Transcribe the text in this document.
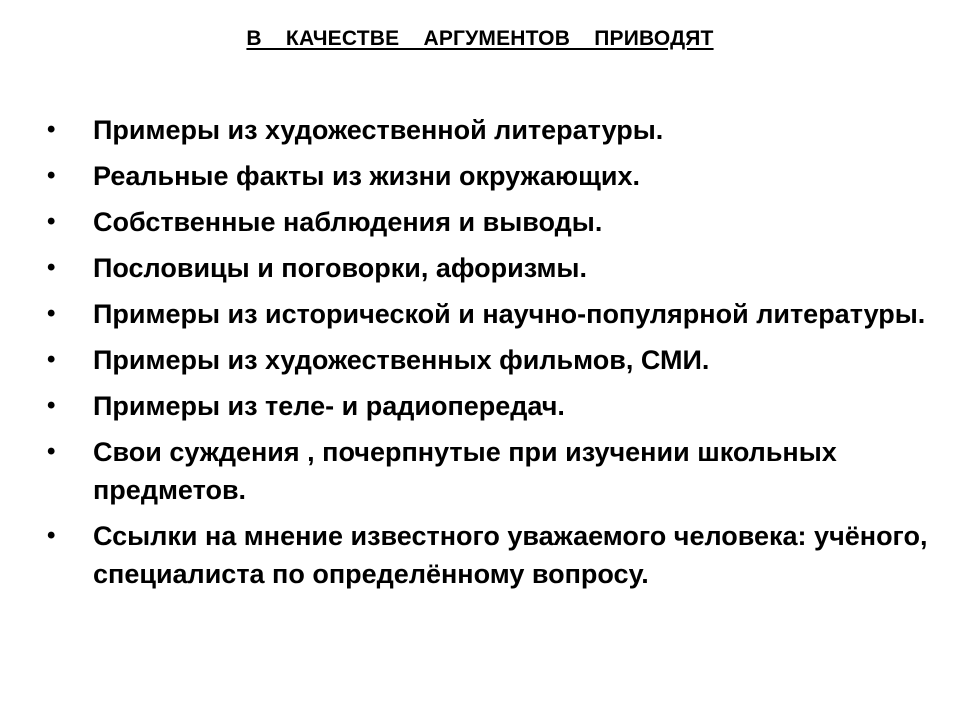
В    КАЧЕСТВЕ    АРГУМЕНТОВ    ПРИВОДЯТ
•	Примеры из художественной литературы.
•	Реальные факты из жизни окружающих.
•	Собственные наблюдения и выводы.
•	Пословицы и поговорки, афоризмы.
•	Примеры из исторической и научно-популярной литературы.
•	Примеры из художественных фильмов, СМИ.
•	Примеры из теле- и радиопередач.
•	Свои суждения , почерпнутые при изучении школьных предметов.
•	Ссылки на мнение известного уважаемого человека: учёного, специалиста по определённому вопросу.
